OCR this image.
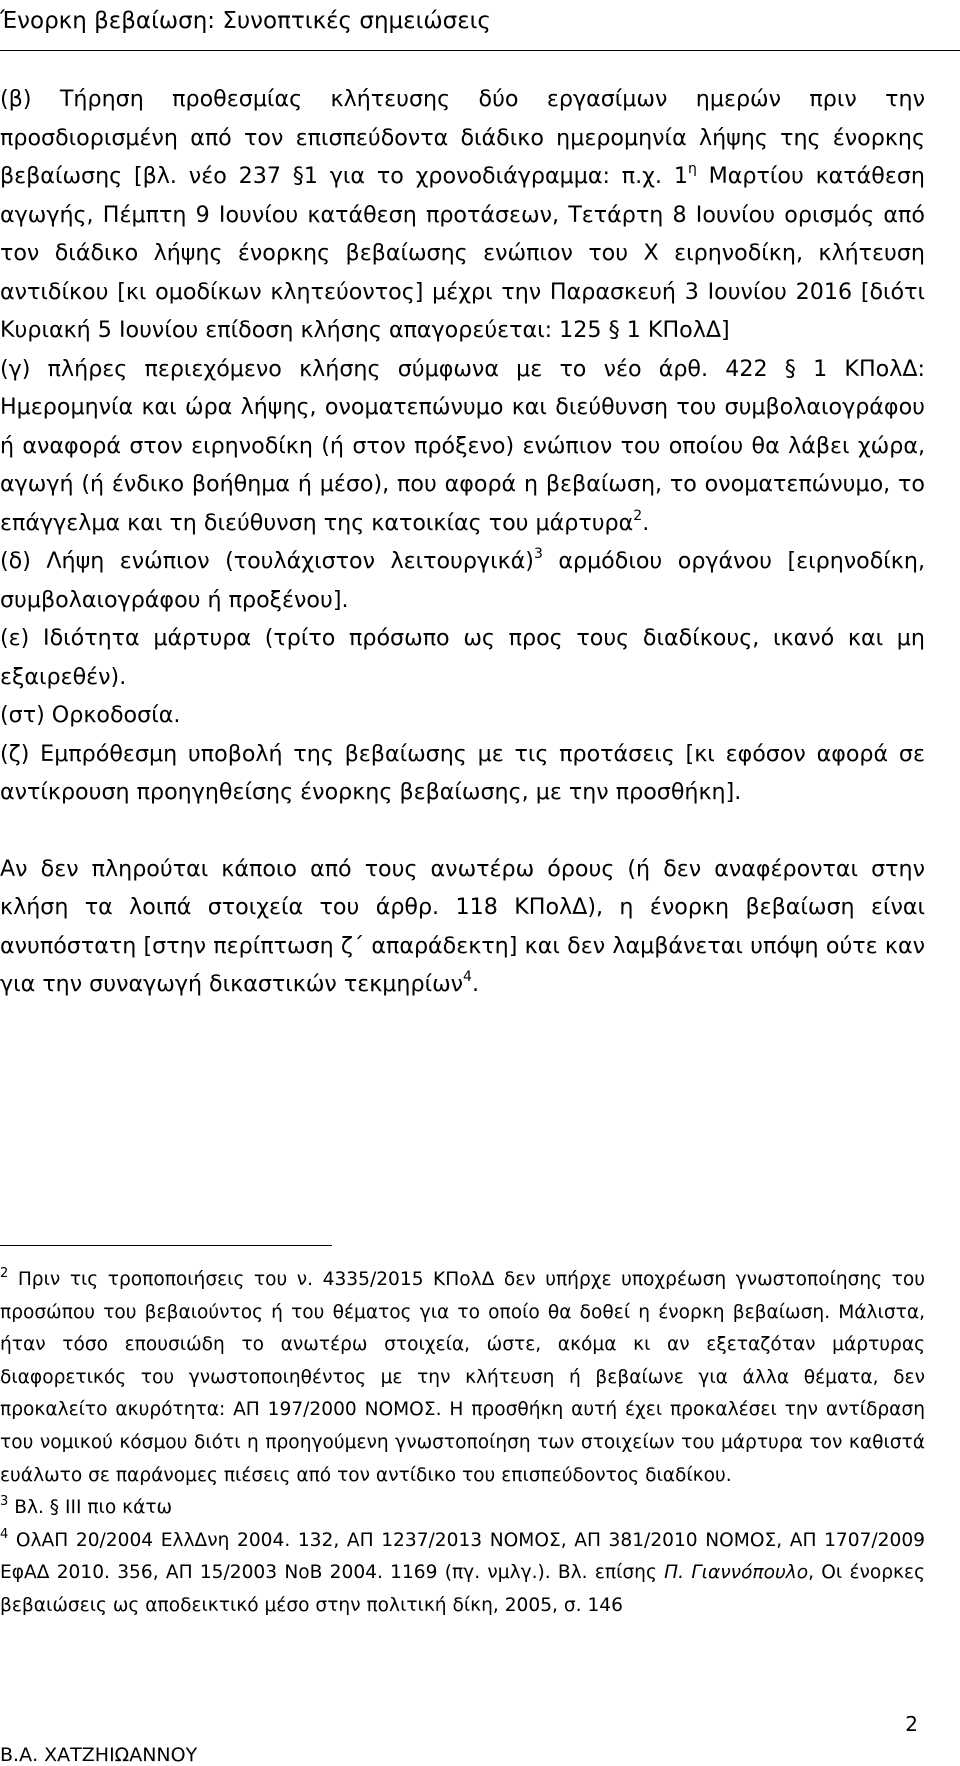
Ένορκη βεβαίωση: Συνοπτικές σημειώσεις

(β) Τήρηση προθεσμίας κλήτευσης δύο εργασίμων ημερών πριν την προσδιορισμένη από τον επισπεύδοντα διάδικο ημερομηνία λήψης της ένορκης βεβαίωσης [βλ. νέο 237 §1 για το χρονοδιάγραμμα: π.χ. $1^\eta$ Μαρτίου κατάθεση αγωγής, Πέμπτη 9 Ιουνίου κατάθεση προτάσεων, Τετάρτη 8 Ιουνίου ορισμός από τον διάδικο λήψης ένορκης βεβαίωσης ενώπιον του Χ ειρηνοδίκη, κλήτευση αντιδίκου [κι ομοδίκων κλητεύοντος] μέχρι την Παρασκευή 3 Ιουνίου 2016 [διότι Κυριακή 5 Ιουνίου επίδοση κλήσης απαγορεύεται: 125 § 1 ΚΠολΔ]

(γ) πλήρες περιεχόμενο κλήσης σύμφωνα με το νέο άρθ. 422 § 1 ΚΠολΔ: Ημερομηνία και ώρα λήψης, ονοματεπώνυμο και διεύθυνση του συμβολαιογράφου ή αναφορά στον ειρηνοδίκη (ή στον πρόξενο) ενώπιον του οποίου θα λάβει χώρα, αγωγή (ή ένδικο βοήθημα ή μέσο), που αφορά η βεβαίωση, το ονοματεπώνυμο, το επάγγελμα και τη διεύθυνση της κατοικίας του μάρτυρα$^2$.

(δ) Λήψη ενώπιον (τουλάχιστον λειτουργικά)$^3$ αρμόδιου οργάνου [ειρηνοδίκη, συμβολαιογράφου ή προξένου].

(ε) Ιδιότητα μάρτυρα (τρίτο πρόσωπο ως προς τους διαδίκους, ικανό και μη εξαιρεθέν).

(στ) Ορκοδοσία.

(ζ) Εμπρόθεσμη υποβολή της βεβαίωσης με τις προτάσεις [κι εφόσον αφορά σε αντίκρουση προηγηθείσης ένορκης βεβαίωσης, με την προσθήκη].

Αν δεν πληρούται κάποιο από τους ανωτέρω όρους (ή δεν αναφέρονται στην κλήση τα λοιπά στοιχεία του άρθρ. 118 ΚΠολΔ), η ένορκη βεβαίωση είναι ανυπόστατη [στην περίπτωση ζ΄ απαράδεκτη] και δεν λαμβάνεται υπόψη ούτε καν για την συναγωγή δικαστικών τεκμηρίων$^4$.

$^2$ Πριν τις τροποποιήσεις του ν. 4335/2015 ΚΠολΔ δεν υπήρχε υποχρέωση γνωστοποίησης του προσώπου του βεβαιούντος ή του θέματος για το οποίο θα δοθεί η ένορκη βεβαίωση. Μάλιστα, ήταν τόσο επουσιώδη το ανωτέρω στοιχεία, ώστε, ακόμα κι αν εξεταζόταν μάρτυρας διαφορετικός του γνωστοποιηθέντος με την κλήτευση ή βεβαίωνε για άλλα θέματα, δεν προκαλείτο ακυρότητα: ΑΠ 197/2000 ΝΟΜΟΣ. Η προσθήκη αυτή έχει προκαλέσει την αντίδραση του νομικού κόσμου διότι η προηγούμενη γνωστοποίηση των στοιχείων του μάρτυρα τον καθιστά ευάλωτο σε παράνομες πιέσεις από τον αντίδικο του επισπεύδοντος διαδίκου.

$^3$ Βλ. § ΙΙΙ πιο κάτω

$^4$ ΟλΑΠ 20/2004 ΕλλΔνη 2004. 132, ΑΠ 1237/2013 ΝΟΜΟΣ, ΑΠ 381/2010 ΝΟΜΟΣ, ΑΠ 1707/2009 ΕφΑΔ 2010. 356, ΑΠ 15/2003 ΝοΒ 2004. 1169 (πγ. νμλγ.). Βλ. επίσης Π. Γιαννόπουλο, Οι ένορκες βεβαιώσεις ως αποδεικτικό μέσο στην πολιτική δίκη, 2005, σ. 146

2
Β.Α. ΧΑΤΖΗΙΩΑΝΝΟΥ
